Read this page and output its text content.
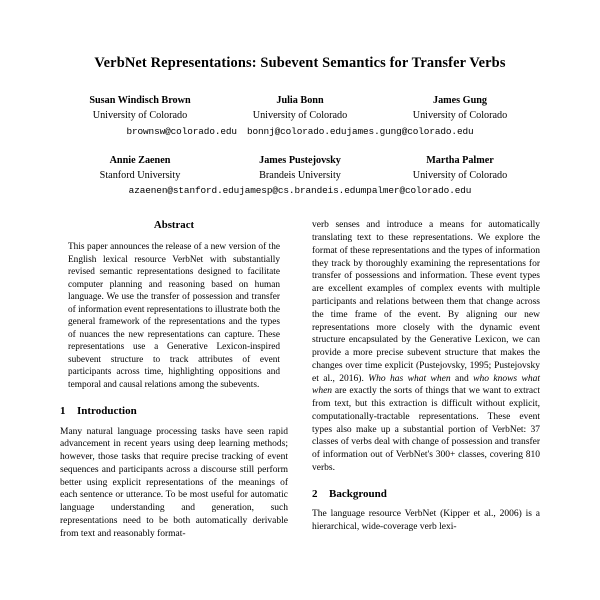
VerbNet Representations: Subevent Semantics for Transfer Verbs
Susan Windisch Brown
University of Colorado
Julia Bonn
University of Colorado
James Gung
University of Colorado
brownsw@colorado.edu bonnj@colorado.edu james.gung@colorado.edu
Annie Zaenen
Stanford University
James Pustejovsky
Brandeis University
Martha Palmer
University of Colorado
azaenen@stanford.edu jamesp@cs.brandeis.edu mpalmer@colorado.edu
Abstract

This paper announces the release of a new version of the English lexical resource VerbNet with substantially revised semantic representations designed to facilitate computer planning and reasoning based on human language. We use the transfer of possession and transfer of information event representations to illustrate both the general framework of the representations and the types of nuances the new representations can capture. These representations use a Generative Lexicon-inspired subevent structure to track attributes of event participants across time, highlighting oppositions and temporal and causal relations among the subevents.

1	Introduction

Many natural language processing tasks have seen rapid advancement in recent years using deep learning methods; however, those tasks that require precise tracking of event sequences and participants across a discourse still perform better using explicit representations of the meanings of each sentence or utterance. To be most useful for automatic language understanding and generation, such representations need to be both automatically derivable from text and reasonably format-

verb senses and introduce a means for automatically translating text to these representations. We explore the format of these representations and the types of information they track by thoroughly examining the representations for transfer of possessions and information. These event types are excellent examples of complex events with multiple participants and relations between them that change across the time frame of the event. By aligning our new representations more closely with the dynamic event structure encapsulated by the Generative Lexicon, we can provide a more precise subevent structure that makes the changes over time explicit (Pustejovsky, 1995; Pustejovsky et al., 2016). Who has what when and who knows what when are exactly the sorts of things that we want to extract from text, but this extraction is difficult without explicit, computationally-tractable representations. These event types also make up a substantial portion of VerbNet: 37 classes of verbs deal with change of possession and transfer of information out of VerbNet's 300+ classes, covering 810 verbs.

2	Background

The language resource VerbNet (Kipper et al., 2006) is a hierarchical, wide-coverage verb lexi-
